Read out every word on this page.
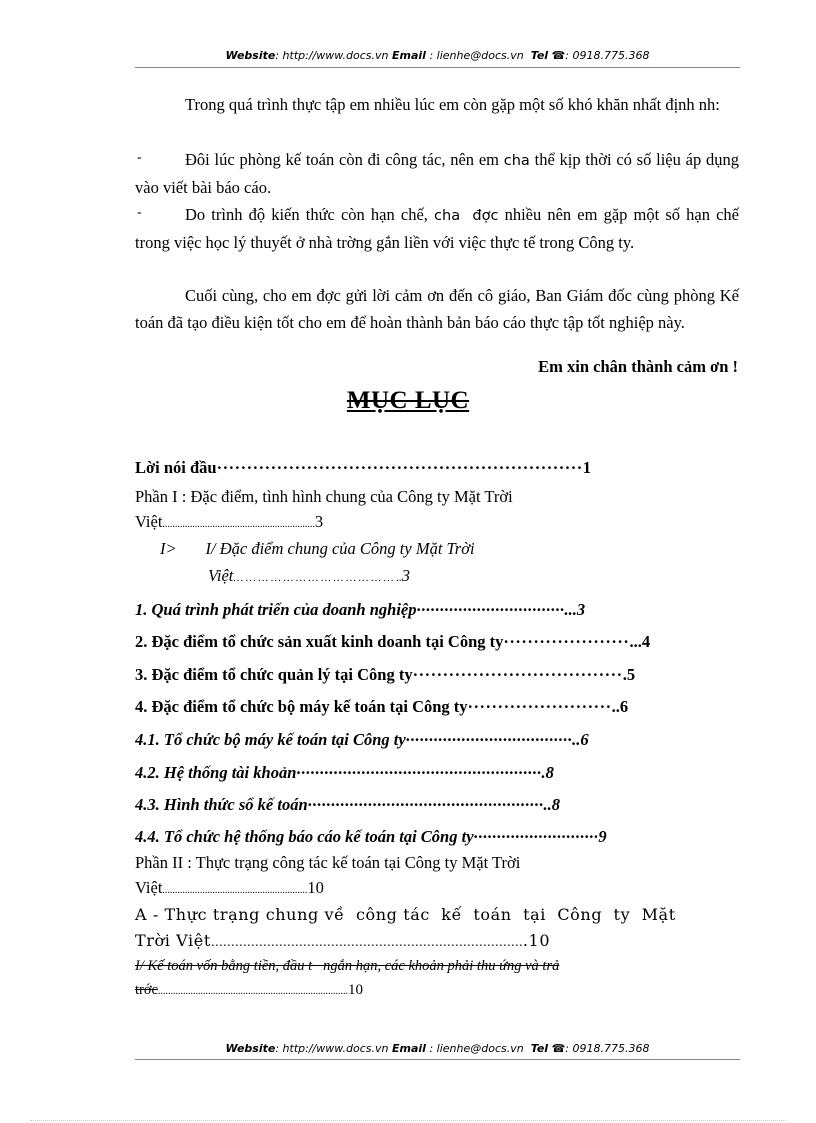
Website: http://www.docs.vn Email : lienhe@docs.vn Tel ☎: 0918.775.368
Trong quá trình thực tập em nhiều lúc em còn gặp một số khó khăn nhất định nh:
-	Đôi lúc phòng kế toán còn đi công tác, nên em cha thể kịp thời có số liệu áp dụng vào viết bài báo cáo.
-	Do trình độ kiến thức còn hạn chế, cha đợc nhiều nên em gặp một số hạn chế trong việc học lý thuyết ở nhà trờng gắn liền với việc thực tế trong Công ty.
Cuối cùng, cho em đợc gửi lời cảm ơn đến cô giáo, Ban Giám đốc cùng phòng Kế toán đã tạo điều kiện tốt cho em để hoàn thành bản báo cáo thực tập tốt nghiệp này.
Em xin chân thành cảm ơn !
MỤC LỤC
Lời nói đầu·····························································1
Phần I : Đặc điểm, tình hình chung của Công ty Mặt Trời
Việt.............................................................3
I>       I/ Đặc điểm chung của Công ty Mặt Trời
Việt… … … … … … … … … … … … … ..3
1. Quá trình phát triển của doanh nghiệp································...3
2. Đặc điểm tổ chức sản xuất kinh doanh tại Công ty·····················...4
3. Đặc điểm tổ chức quản lý tại Công ty···································.5
4. Đặc điểm tổ chức bộ máy kế toán tại Công ty························..6
4.1. Tổ chức bộ máy kế toán tại Công ty····································..6
4.2. Hệ thống tài khoản·····················································.8
4.3. Hình thức sổ kế toán···················································..8
4.4. Tổ chức hệ thống báo cáo kế toán tại Công ty···························9
Phần II : Thực trạng công tác kế toán tại Công ty Mặt Trời
Việt..........................................................10
A - Thực trạng chung về  công tác  kế  toán  tại  Công  ty  Mặt
Trời Việt…………………………………………………………………….10
I/ Kế toán vốn bằng tiền, đầu t   ngắn hạn, các khoản phải thu ứng và trả
trớc............................................................................10
Website: http://www.docs.vn Email : lienhe@docs.vn Tel ☎: 0918.775.368
